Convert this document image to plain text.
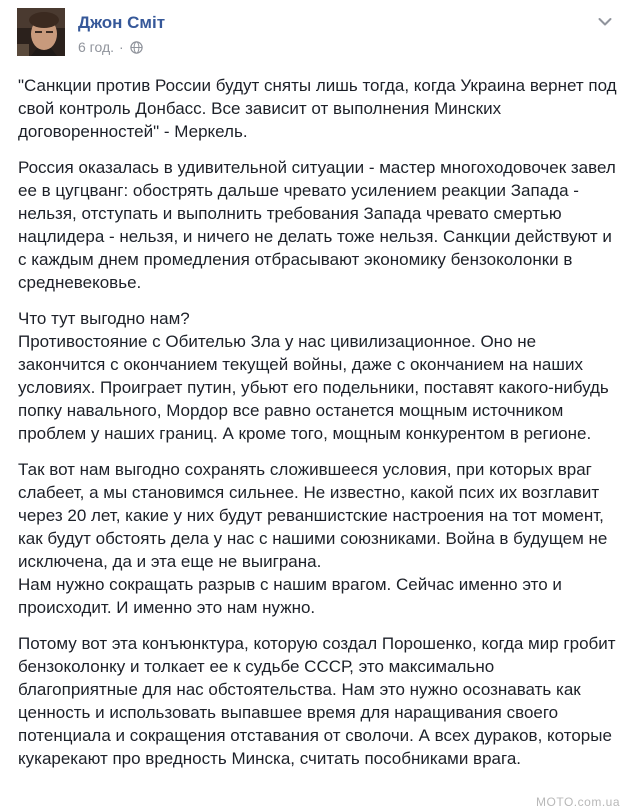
Джон Сміт
6 год. ·

"Санкции против России будут сняты лишь тогда, когда Украина вернет под свой контроль Донбасс. Все зависит от выполнения Минских договоренностей" - Меркель.

Россия оказалась в удивительной ситуации - мастер многоходовочек завел ее в цугцванг: обострять дальше чревато усилением реакции Запада - нельзя, отступать и выполнить требования Запада чревато смертью нацлидера - нельзя, и ничего не делать тоже нельзя. Санкции действуют и с каждым днем промедления отбрасывают экономику бензоколонки в средневековье.

Что тут выгодно нам?
Противостояние с Обителью Зла у нас цивилизационное. Оно не закончится с окончанием текущей войны, даже с окончанием на наших условиях. Проиграет путин, убьют его подельники, поставят какого-нибудь попку навального, Мордор все равно останется мощным источником проблем у наших границ. А кроме того, мощным конкурентом в регионе.

Так вот нам выгодно сохранять сложившееся условия, при которых враг слабеет, а мы становимся сильнее. Не известно, какой псих их возглавит через 20 лет, какие у них будут реваншистские настроения на тот момент, как будут обстоять дела у нас с нашими союзниками. Война в будущем не исключена, да и эта еще не выиграна.
Нам нужно сокращать разрыв с нашим врагом. Сейчас именно это и происходит. И именно это нам нужно.

Потому вот эта конъюнктура, которую создал Порошенко, когда мир гробит бензоколонку и толкает ее к судьбе СССР, это максимально благоприятные для нас обстоятельства. Нам это нужно осознавать как ценность и использовать выпавшее время для наращивания своего потенциала и сокращения отставания от сволочи. А всех дураков, которые кукарекают про вредность Минска, считать пособниками врага.

MOTO.com.ua
